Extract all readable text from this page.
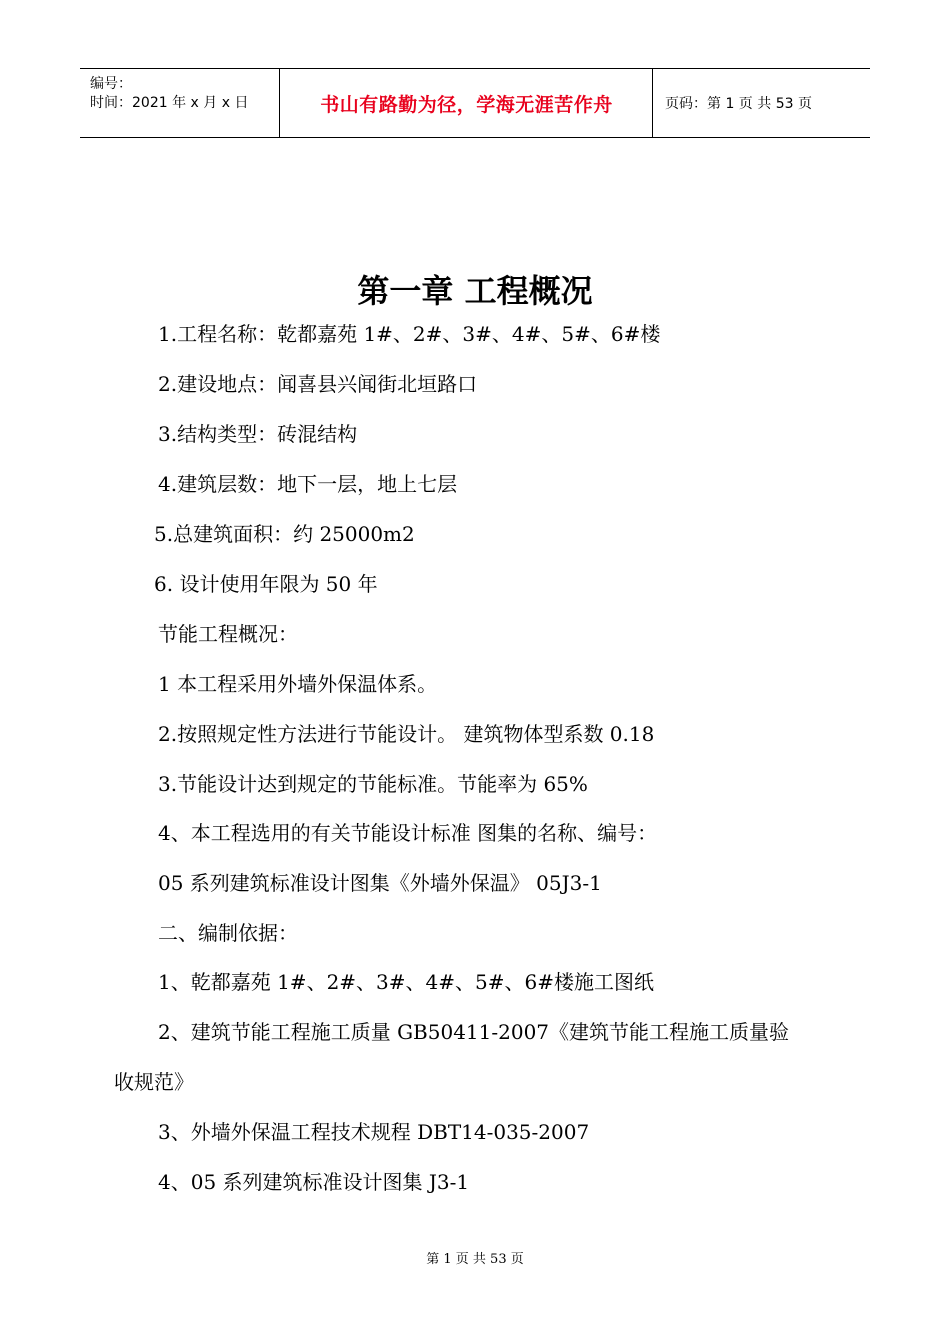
编号：
时间：2021 年 x 月 x 日	书山有路勤为径，学海无涯苦作舟	页码：第 1 页 共 53 页
第一章 工程概况
1.工程名称：乾都嘉苑 1#、2#、3#、4#、5#、6#楼
2.建设地点：闻喜县兴闻街北垣路口
3.结构类型：砖混结构
4.建筑层数：地下一层，地上七层
5.总建筑面积：约 25000m2
6. 设计使用年限为 50 年
节能工程概况：
1 本工程采用外墙外保温体系。
2.按照规定性方法进行节能设计。 建筑物体型系数 0.18
3.节能设计达到规定的节能标准。节能率为 65%
4、本工程选用的有关节能设计标准 图集的名称、编号：
05 系列建筑标准设计图集《外墙外保温》 05J3-1
二、编制依据：
1、乾都嘉苑 1#、2#、3#、4#、5#、6#楼施工图纸
2、建筑节能工程施工质量 GB50411-2007《建筑节能工程施工质量验
收规范》
3、外墙外保温工程技术规程 DBT14-035-2007
4、05 系列建筑标准设计图集 J3-1
第 1 页 共 53 页
